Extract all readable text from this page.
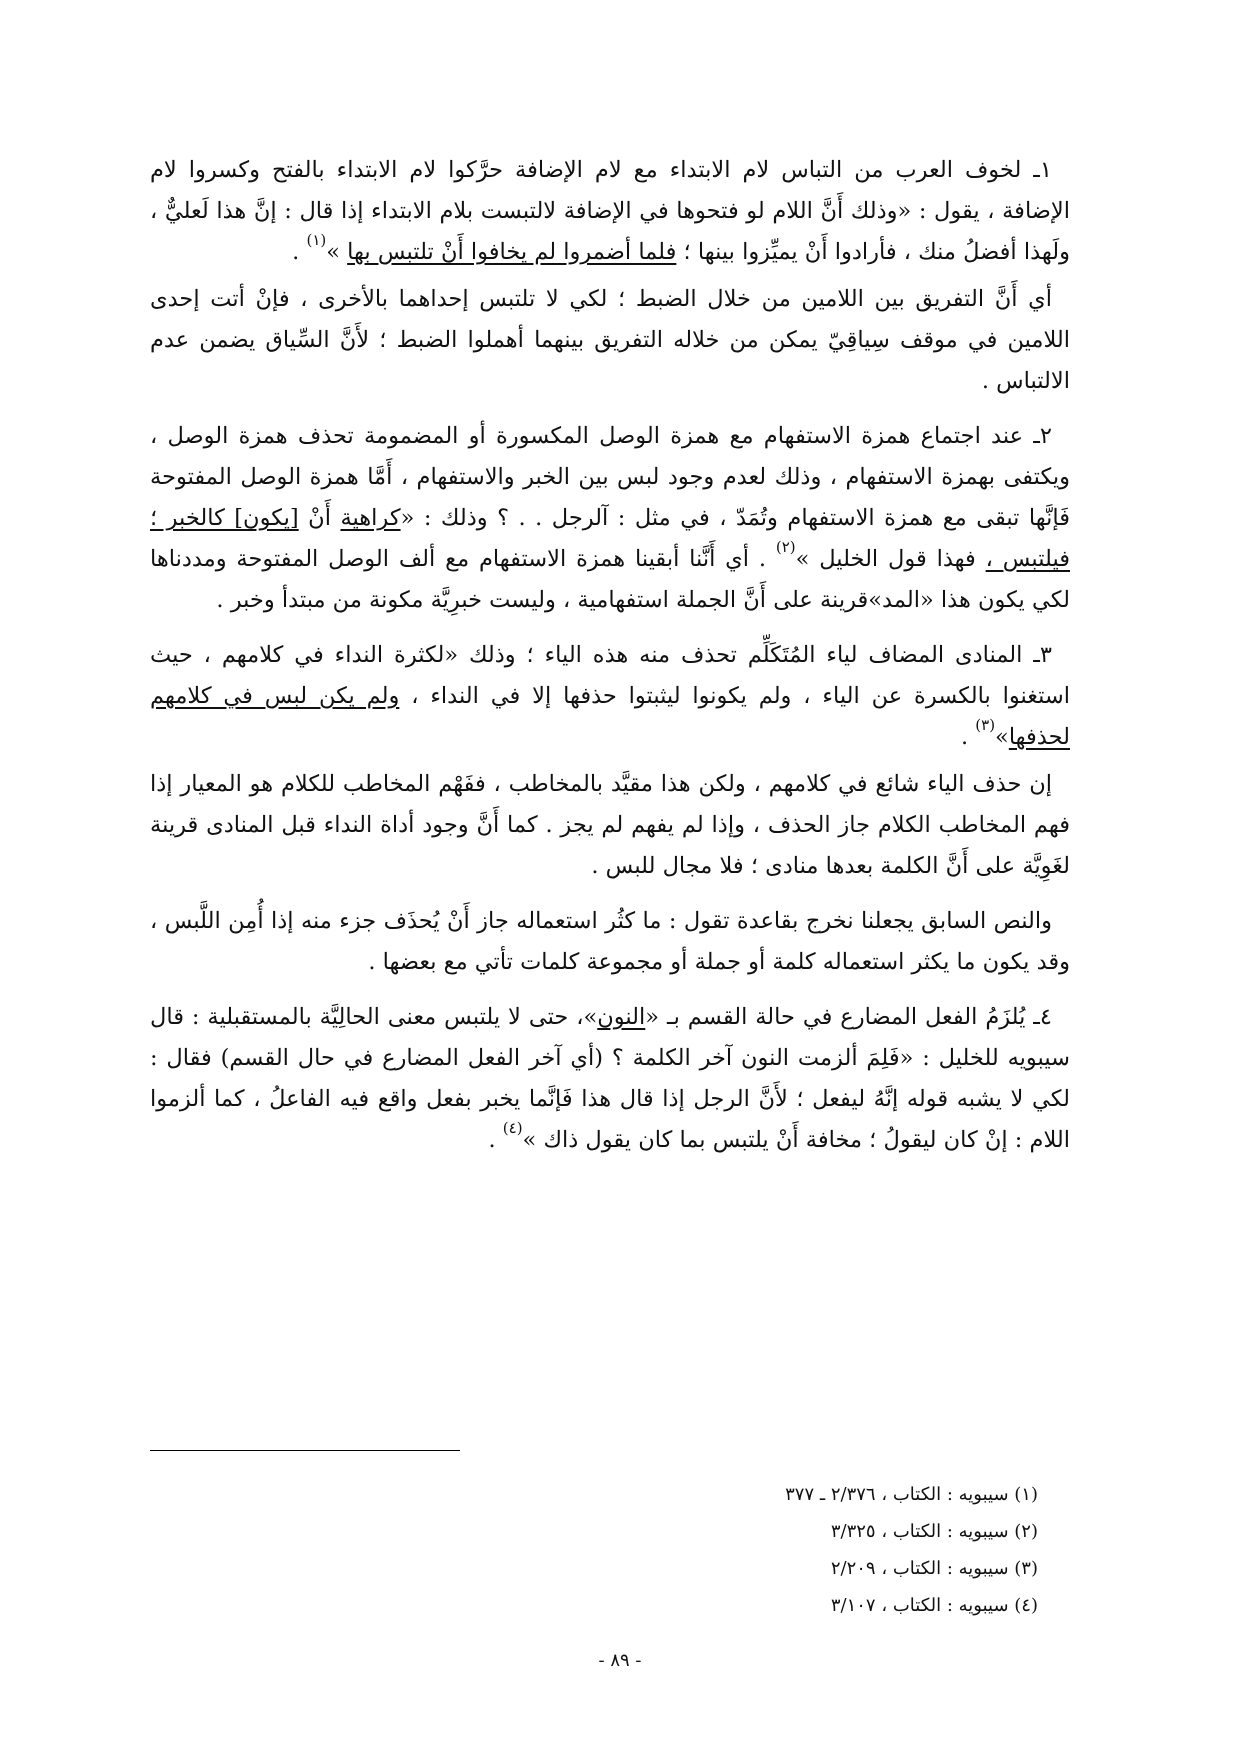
١ـ لخوف العرب من التباس لام الابتداء مع لام الإضافة حرَّكوا لام الابتداء بالفتح وكسروا لام الإضافة ، يقول : «وذلك أَنَّ اللام لو فتحوها في الإضافة لالتبست بلام الابتداء إذا قال : إنَّ هذا لَعليٌّ ، ولَهذا أفضلُ منك ، فأرادوا أَنْ يميِّزوا بينها ؛ فلما أضمروا لم يخافوا أَنْ تلتبس بها »$^{(١)}$ .

أي أَنَّ التفريق بين اللامين من خلال الضبط ؛ لكي لا تلتبس إحداهما بالأخرى ، فإنْ أتت إحدى اللامين في موقف سِياقِيّ يمكن من خلاله التفريق بينهما أهملوا الضبط ؛ لأَنَّ السِّياق يضمن عدم الالتباس .

٢ـ عند اجتماع همزة الاستفهام مع همزة الوصل المكسورة أو المضمومة تحذف همزة الوصل ، ويكتفى بهمزة الاستفهام ، وذلك لعدم وجود لبس بين الخبر والاستفهام ، أَمَّا همزة الوصل المفتوحة فَإنَّها تبقى مع همزة الاستفهام وتُمَدّ ، في مثل : آلرجل . . ؟ وذلك : «كراهية أَنْ [يكون] كالخبر ؛ فيلتبس ، فهذا قول الخليل »$^{(٢)}$ . أي أَنَّنا أبقينا همزة الاستفهام مع ألف الوصل المفتوحة ومددناها لكي يكون هذا «المد»قرينة على أَنَّ الجملة استفهامية ، وليست خبرِيَّة مكونة من مبتدأ وخبر .

٣ـ المنادى المضاف لياء المُتَكَلِّم تحذف منه هذه الياء ؛ وذلك «لكثرة النداء في كلامهم ، حيث استغنوا بالكسرة عن الياء ، ولم يكونوا ليثبتوا حذفها إلا في النداء ، ولم يكن لبس في كلامهم لحذفها»$^{(٣)}$ .

إن حذف الياء شائع في كلامهم ، ولكن هذا مقيَّد بالمخاطب ، ففَهْم المخاطب للكلام هو المعيار إذا فهم المخاطب الكلام جاز الحذف ، وإذا لم يفهم لم يجز . كما أَنَّ وجود أداة النداء قبل المنادى قرينة لغَوِيَّة على أَنَّ الكلمة بعدها منادى ؛ فلا مجال للبس .

والنص السابق يجعلنا نخرج بقاعدة تقول : ما كثُر استعماله جاز أَنْ يُحذَف جزء منه إذا أُمِن اللَّبس ، وقد يكون ما يكثر استعماله كلمة أو جملة أو مجموعة كلمات تأتي مع بعضها .

٤ـ يُلزَمُ الفعل المضارع في حالة القسم بـ «النون»، حتى لا يلتبس معنى الحالِيَّة بالمستقبلية : قال سيبويه للخليل : «فَلِمَ ألزمت النون آخر الكلمة ؟ (أي آخر الفعل المضارع في حال القسم) فقال : لكي لا يشبه قوله إنَّهُ ليفعل ؛ لأَنَّ الرجل إذا قال هذا فَإنَّما يخبر بفعل واقع فيه الفاعلُ ، كما ألزموا اللام : إنْ كان ليقولُ ؛ مخافة أَنْ يلتبس بما كان يقول ذاك »$^{(٤)}$ .

(١) سيبويه : الكتاب ، ٢/٣٧٦ ـ ٣٧٧

(٢) سيبويه : الكتاب ، ٣/٣٢٥

(٣) سيبويه : الكتاب ، ٢/٢٠٩

(٤) سيبويه : الكتاب ، ٣/١٠٧

- ٨٩ -
